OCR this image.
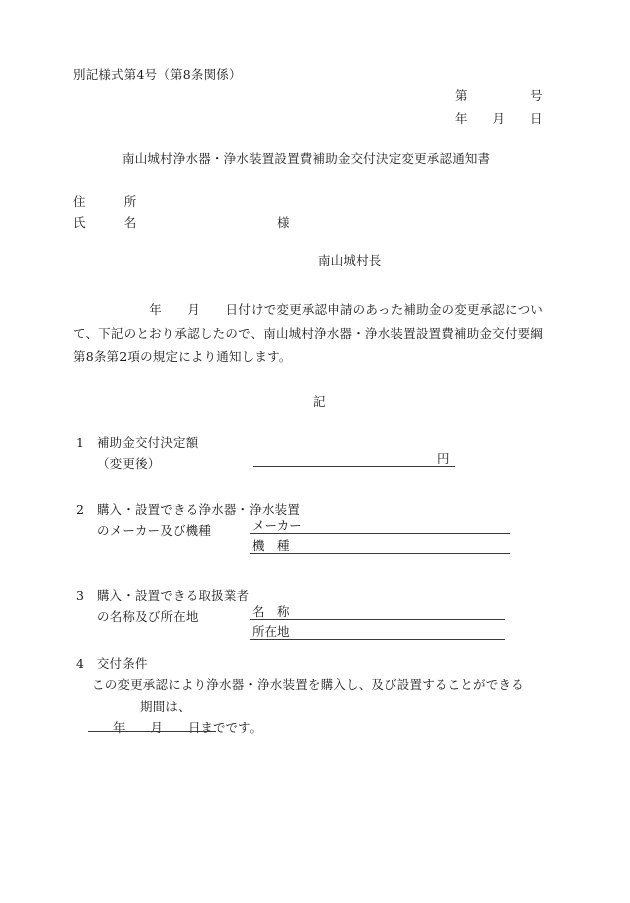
別記様式第4号（第8条関係）
第　　　　　号
年　　月　　日
南山城村浄水器・浄水装置設置費補助金交付決定変更承認通知書
住　　　所
氏　　　名	様
南山城村長
　　　　　　年　　月　　日付けで変更承認申請のあった補助金の変更承認について、下記のとおり承認したので、南山城村浄水器・浄水装置設置費補助金交付要綱第8条第2項の規定により通知します。
記
1　補助金交付決定額
（変更後）	円
2　購入・設置できる浄水器・浄水装置
のメーカー及び機種	メーカー
機　種
3　購入・設置できる取扱業者
の名称及び所在地	名　称
所在地
4　交付条件
この変更承認により浄水器・浄水装置を購入し、及び設置することができる
期間は、
　　年　　月　　日までです。
